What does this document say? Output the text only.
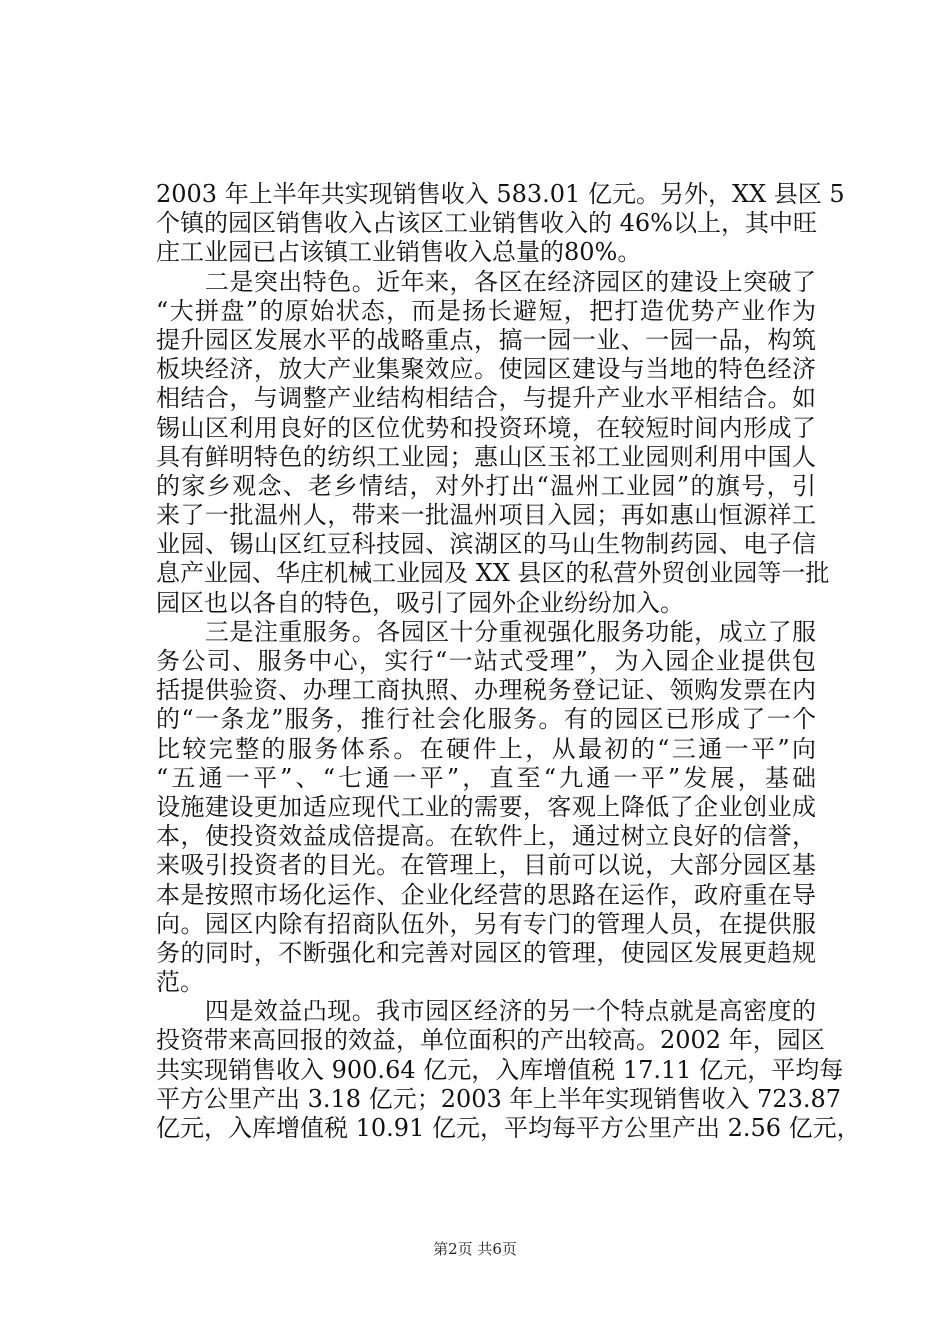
2003 年上半年共实现销售收入 583.01 亿元。另外，XX 县区 5
个镇的园区销售收入占该区工业销售收入的 46%以上，其中旺
庄工业园已占该镇工业销售收入总量的80%。
　　二是突出特色。近年来，各区在经济园区的建设上突破了
“大拼盘”的原始状态，而是扬长避短，把打造优势产业作为
提升园区发展水平的战略重点，搞一园一业、一园一品，构筑
板块经济，放大产业集聚效应。使园区建设与当地的特色经济
相结合，与调整产业结构相结合，与提升产业水平相结合。如
锡山区利用良好的区位优势和投资环境，在较短时间内形成了
具有鲜明特色的纺织工业园；惠山区玉祁工业园则利用中国人
的家乡观念、老乡情结，对外打出“温州工业园”的旗号，引
来了一批温州人，带来一批温州项目入园；再如惠山恒源祥工
业园、锡山区红豆科技园、滨湖区的马山生物制药园、电子信
息产业园、华庄机械工业园及 XX 县区的私营外贸创业园等一批
园区也以各自的特色，吸引了园外企业纷纷加入。
　　三是注重服务。各园区十分重视强化服务功能，成立了服
务公司、服务中心，实行“一站式受理”，为入园企业提供包
括提供验资、办理工商执照、办理税务登记证、领购发票在内
的“一条龙”服务，推行社会化服务。有的园区已形成了一个
比较完整的服务体系。在硬件上，从最初的“三通一平”向
“五通一平”、“七通一平”，直至“九通一平”发展，基础
设施建设更加适应现代工业的需要，客观上降低了企业创业成
本，使投资效益成倍提高。在软件上，通过树立良好的信誉，
来吸引投资者的目光。在管理上，目前可以说，大部分园区基
本是按照市场化运作、企业化经营的思路在运作，政府重在导
向。园区内除有招商队伍外，另有专门的管理人员，在提供服
务的同时，不断强化和完善对园区的管理，使园区发展更趋规
范。
　　四是效益凸现。我市园区经济的另一个特点就是高密度的
投资带来高回报的效益，单位面积的产出较高。2002 年，园区
共实现销售收入 900.64 亿元，入库增值税 17.11 亿元，平均每
平方公里产出 3.18 亿元；2003 年上半年实现销售收入 723.87
亿元，入库增值税 10.91 亿元，平均每平方公里产出 2.56 亿元，
第2页 共6页
